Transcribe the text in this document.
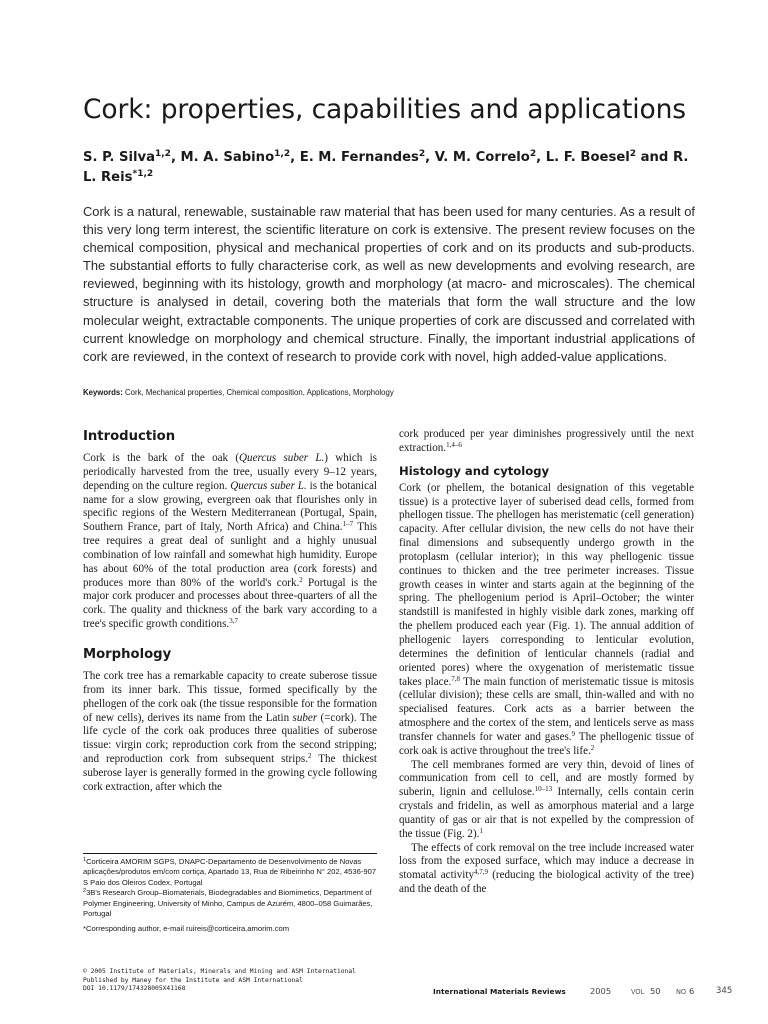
Cork: properties, capabilities and applications
S. P. Silva$^{1,2}$, M. A. Sabino$^{1,2}$, E. M. Fernandes$^2$, V. M. Correlo$^2$, L. F. Boesel$^2$ and R. L. Reis$^{*1,2}$
Cork is a natural, renewable, sustainable raw material that has been used for many centuries. As a result of this very long term interest, the scientific literature on cork is extensive. The present review focuses on the chemical composition, physical and mechanical properties of cork and on its products and sub-products. The substantial efforts to fully characterise cork, as well as new developments and evolving research, are reviewed, beginning with its histology, growth and morphology (at macro- and microscales). The chemical structure is analysed in detail, covering both the materials that form the wall structure and the low molecular weight, extractable components. The unique properties of cork are discussed and correlated with current knowledge on morphology and chemical structure. Finally, the important industrial applications of cork are reviewed, in the context of research to provide cork with novel, high added-value applications.
Keywords: Cork, Mechanical properties, Chemical composition, Applications, Morphology
Introduction

Cork is the bark of the oak (Quercus suber L.) which is periodically harvested from the tree, usually every 9–12 years, depending on the culture region. Quercus suber L. is the botanical name for a slow growing, evergreen oak that flourishes only in specific regions of the Western Mediterranean (Portugal, Spain, Southern France, part of Italy, North Africa) and China.$^{1-7}$ This tree requires a great deal of sunlight and a highly unusual combination of low rainfall and somewhat high humidity. Europe has about 60% of the total production area (cork forests) and produces more than 80% of the world's cork.$^2$ Portugal is the major cork producer and processes about three-quarters of all the cork. The quality and thickness of the bark vary according to a tree's specific growth conditions.$^{3,7}$

Morphology

The cork tree has a remarkable capacity to create suberose tissue from its inner bark. This tissue, formed specifically by the phellogen of the cork oak (the tissue responsible for the formation of new cells), derives its name from the Latin suber (=cork). The life cycle of the cork oak produces three qualities of suberose tissue: virgin cork; reproduction cork from the second stripping; and reproduction cork from subsequent strips.$^2$ The thickest suberose layer is generally formed in the growing cycle following cork extraction, after which the

cork produced per year diminishes progressively until the next extraction.$^{1,4-6}$

Histology and cytology

Cork (or phellem, the botanical designation of this vegetable tissue) is a protective layer of suberised dead cells, formed from phellogen tissue. The phellogen has meristematic (cell generation) capacity. After cellular division, the new cells do not have their final dimensions and subsequently undergo growth in the protoplasm (cellular interior); in this way phellogenic tissue continues to thicken and the tree perimeter increases. Tissue growth ceases in winter and starts again at the beginning of the spring. The phellogenium period is April–October; the winter standstill is manifested in highly visible dark zones, marking off the phellem produced each year (Fig. 1). The annual addition of phellogenic layers corresponding to lenticular evolution, determines the definition of lenticular channels (radial and oriented pores) where the oxygenation of meristematic tissue takes place.$^{7,8}$ The main function of meristematic tissue is mitosis (cellular division); these cells are small, thin-walled and with no specialised features. Cork acts as a barrier between the atmosphere and the cortex of the stem, and lenticels serve as mass transfer channels for water and gases.$^9$ The phellogenic tissue of cork oak is active throughout the tree's life.$^2$

The cell membranes formed are very thin, devoid of lines of communication from cell to cell, and are mostly formed by suberin, lignin and cellulose.$^{10-13}$ Internally, cells contain cerin crystals and fridelin, as well as amorphous material and a large quantity of gas or air that is not expelled by the compression of the tissue (Fig. 2).$^1$

The effects of cork removal on the tree include increased water loss from the exposed surface, which may induce a decrease in stomatal activity$^{4,7,9}$ (reducing the biological activity of the tree) and the death of the

$^1$Corticeira AMORIM SGPS, DNAPC-Departamento de Desenvolvimento de Novas aplicações/produtos em/com cortiça, Apartado 13, Rua de Ribeirinho N° 202, 4536-907 S Paio dos Oleiros Codex, Portugal

$^2$3B's Research Group–Biomaterials, Biodegradables and Biomimetics, Department of Polymer Engineering, University of Minho, Campus de Azurém, 4800–058 Guimarães, Portugal

*Corresponding author, e-mail ruireis@corticeira.amorim.com

© 2005 Institute of Materials, Minerals and Mining and ASM International

Published by Maney for the Institute and ASM International

DOI 10.1179/174328005X41168	International Materials Reviews	2005	VOL 50 NO 6	345
